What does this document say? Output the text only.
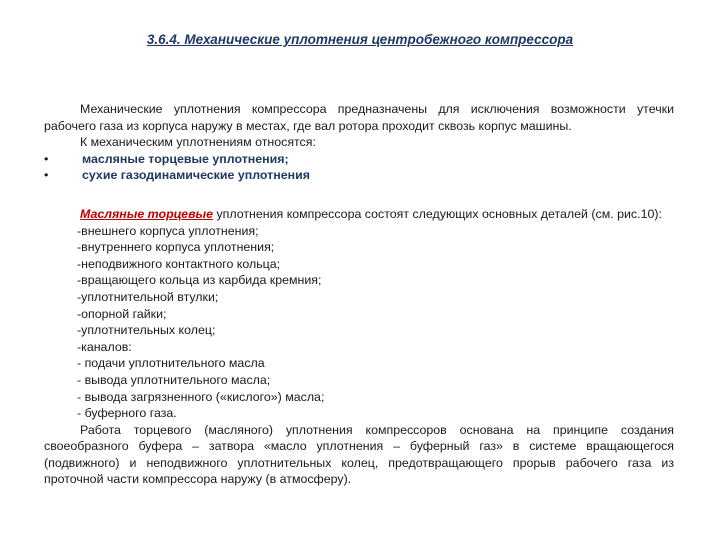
3.6.4. Механические уплотнения центробежного компрессора

Механические уплотнения компрессора предназначены для исключения возможности утечки рабочего газа из корпуса наружу в местах, где вал ротора проходит сквозь корпус машины.

К механическим уплотнениям относятся:

•	масляные торцевые уплотнения;
•	сухие газодинамические уплотнения

Масляные торцевые уплотнения компрессора состоят следующих основных деталей (см. рис.10):

-внешнего корпуса уплотнения;
-внутреннего корпуса уплотнения;
-неподвижного контактного кольца;
-вращающего кольца из карбида кремния;
-уплотнительной втулки;
-опорной гайки;
-уплотнительных колец;
-каналов:
- подачи уплотнительного масла
- вывода уплотнительного масла;
- вывода загрязненного («кислого») масла;
- буферного газа.

Работа торцевого (масляного) уплотнения компрессоров основана на принципе создания своеобразного буфера – затвора «масло уплотнения – буферный газ» в системе вращающегося (подвижного) и неподвижного уплотнительных колец, предотвращающего прорыв рабочего газа из проточной части компрессора наружу (в атмосферу).
